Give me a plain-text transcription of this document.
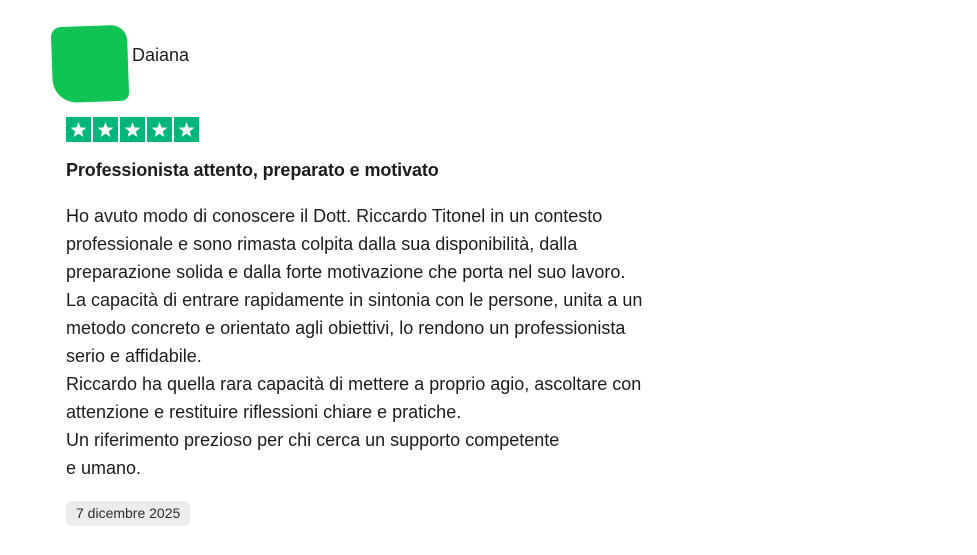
Daiana
Professionista attento, preparato e motivato
Ho avuto modo di conoscere il Dott. Riccardo Titonel in un contesto
professionale e sono rimasta colpita dalla sua disponibilità, dalla
preparazione solida e dalla forte motivazione che porta nel suo lavoro.
La capacità di entrare rapidamente in sintonia con le persone, unita a un
metodo concreto e orientato agli obiettivi, lo rendono un professionista
serio e affidabile.
Riccardo ha quella rara capacità di mettere a proprio agio, ascoltare con
attenzione e restituire riflessioni chiare e pratiche.
Un riferimento prezioso per chi cerca un supporto competente
e umano.
7 dicembre 2025
